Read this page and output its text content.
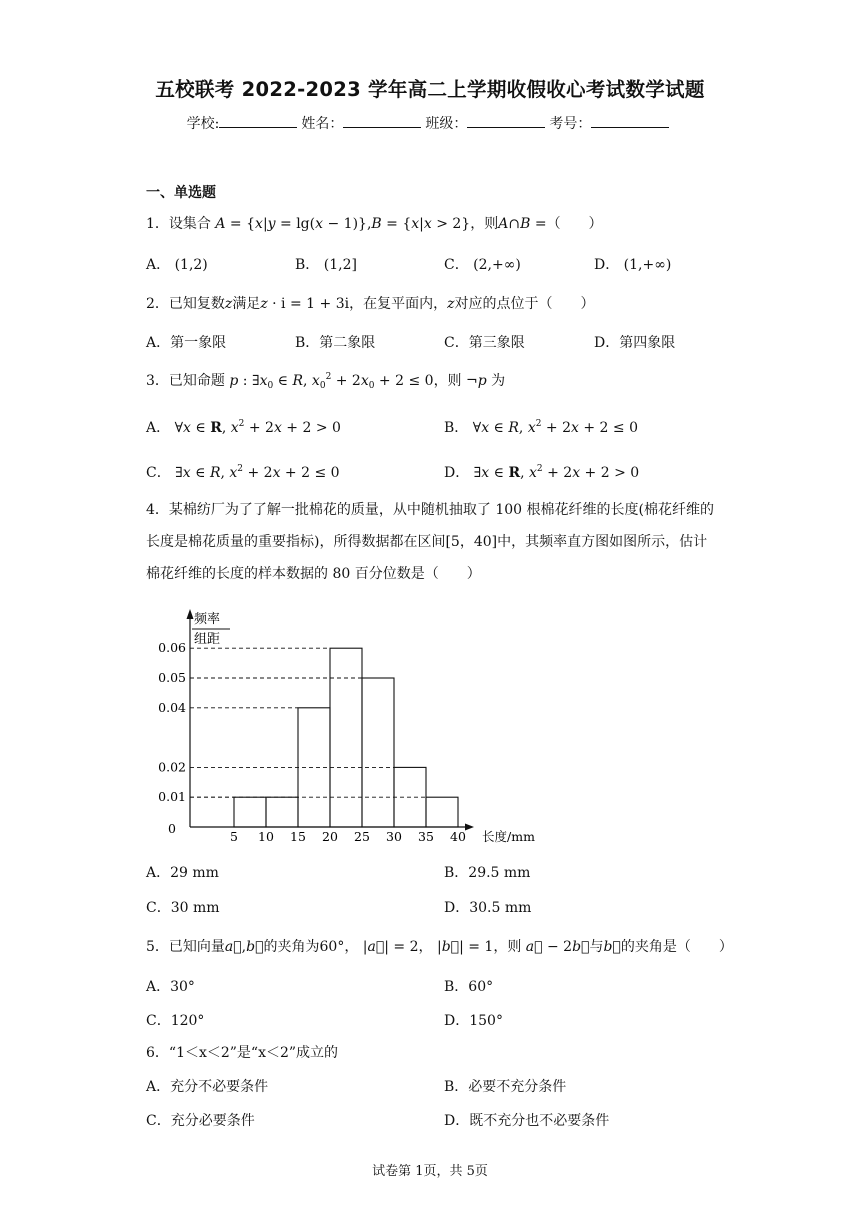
五校联考 2022-2023 学年高二上学期收假收心考试数学试题
学校:	姓名：	班级：	考号：
一、单选题
1．设集合 A = {x|y = lg(x − 1)},B = {x|x > 2}，则A∩B =（　　）
A． (1,2)	B． (1,2]	C． (2,+∞)	D． (1,+∞)
2．已知复数z满足z · i = 1 + 3i，在复平面内，z对应的点位于（　　）
A．第一象限	B．第二象限	C．第三象限	D．第四象限
3．已知命题 p : $\exists x_0$ ∈ R, $x_0^2 + 2x_0 + 2 \le 0$，则 ¬p 为
A． ∀x ∈ R, $x^2 + 2x + 2 > 0$	B． ∀x ∈ R, $x^2 + 2x + 2 \le 0$
C． ∃x ∈ R, $x^2 + 2x + 2 \le 0$	D． ∃x ∈ R, $x^2 + 2x + 2 > 0$
4．某棉纺厂为了了解一批棉花的质量，从中随机抽取了 100 根棉花纤维的长度(棉花纤维的长度是棉花质量的重要指标)，所得数据都在区间[5，40]中，其频率直方图如图所示，估计棉花纤维的长度的样本数据的 80 百分位数是（　　）
频率
组距
0.06
0.05
0.04
0.02
0.01
0
5 10 15 20 25 30 35 40 长度/mm
A．29 mm	B．29.5 mm
C．30 mm	D．30.5 mm
5．已知向量a⃗,b⃗的夹角为60°， |a⃗| = 2， |b⃗| = 1，则 a⃗ − 2b⃗与b⃗的夹角是（　　）
A．30°	B．60°
C．120°	D．150°
6．“1＜x＜2”是“x＜2”成立的
A．充分不必要条件	B．必要不充分条件
C．充分必要条件	D．既不充分也不必要条件
试卷第 1页，共 5页
